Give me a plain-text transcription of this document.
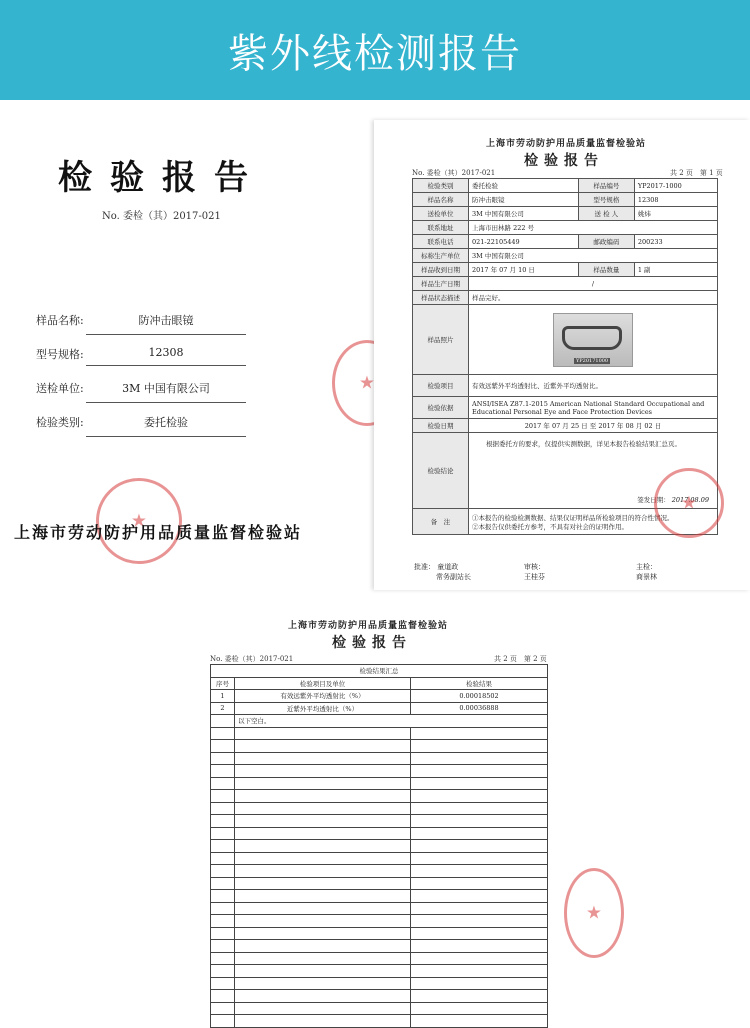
紫外线检测报告
检验报告
No. 委检（其）2017-021
样品名称:	防冲击眼镜
型号规格:	12308
送检单位:	3M 中国有限公司
检验类别:	委托检验
★
★
上海市劳动防护用品质量监督检验站
上海市劳动防护用品质量监督检验站
检验报告
No. 委检（其）2017-021	共 2 页　第 1 页
检验类别	委托检验	样品编号	YP2017-1000
样品名称	防冲击眼镜	型号规格	12308
送检单位	3M 中国有限公司	送 检 人	姚炜
联系地址	上海市田林路 222 号		
联系电话	021-22105449	邮政编码	200233
标称生产单位	3M 中国有限公司		
样品收到日期	2017 年 07 月 10 日	样品数量	1 副
样品生产日期	/		
样品状态描述	样品完好。		
样品照片	YP20171000		

检验项目	有效远紫外平均透射比、近紫外平均透射比。		
检验依据	ANSI/ISEA Z87.1-2015 American National Standard Occupational and Educational Personal Eye and Face Protection Devices		
检验日期	2017 年 07 月 25 日 至 2017 年 08 月 02 日		
检验结论	根据委托方的要求，仅提供实测数据，详见本报告检验结果汇总页。
签发日期： 2017.08.09		

备　注	①本报告的检验检测数据、结果仅证明样品所检验项目的符合性情况。
②本报告仅供委托方参考，不具有对社会的证明作用。		
批准： 童道政
常务副站长
审核：
王桂芬
主检：
商景林
★
上海市劳动防护用品质量监督检验站
检验报告
No. 委检（其）2017-021	共 2 页　第 2 页
检验结果汇总		
序号	检验项目及单位	检验结果
1	有效远紫外平均透射比（%）	0.00018502
2	近紫外平均透射比（%）	0.00036888
	以下空白。	

★
